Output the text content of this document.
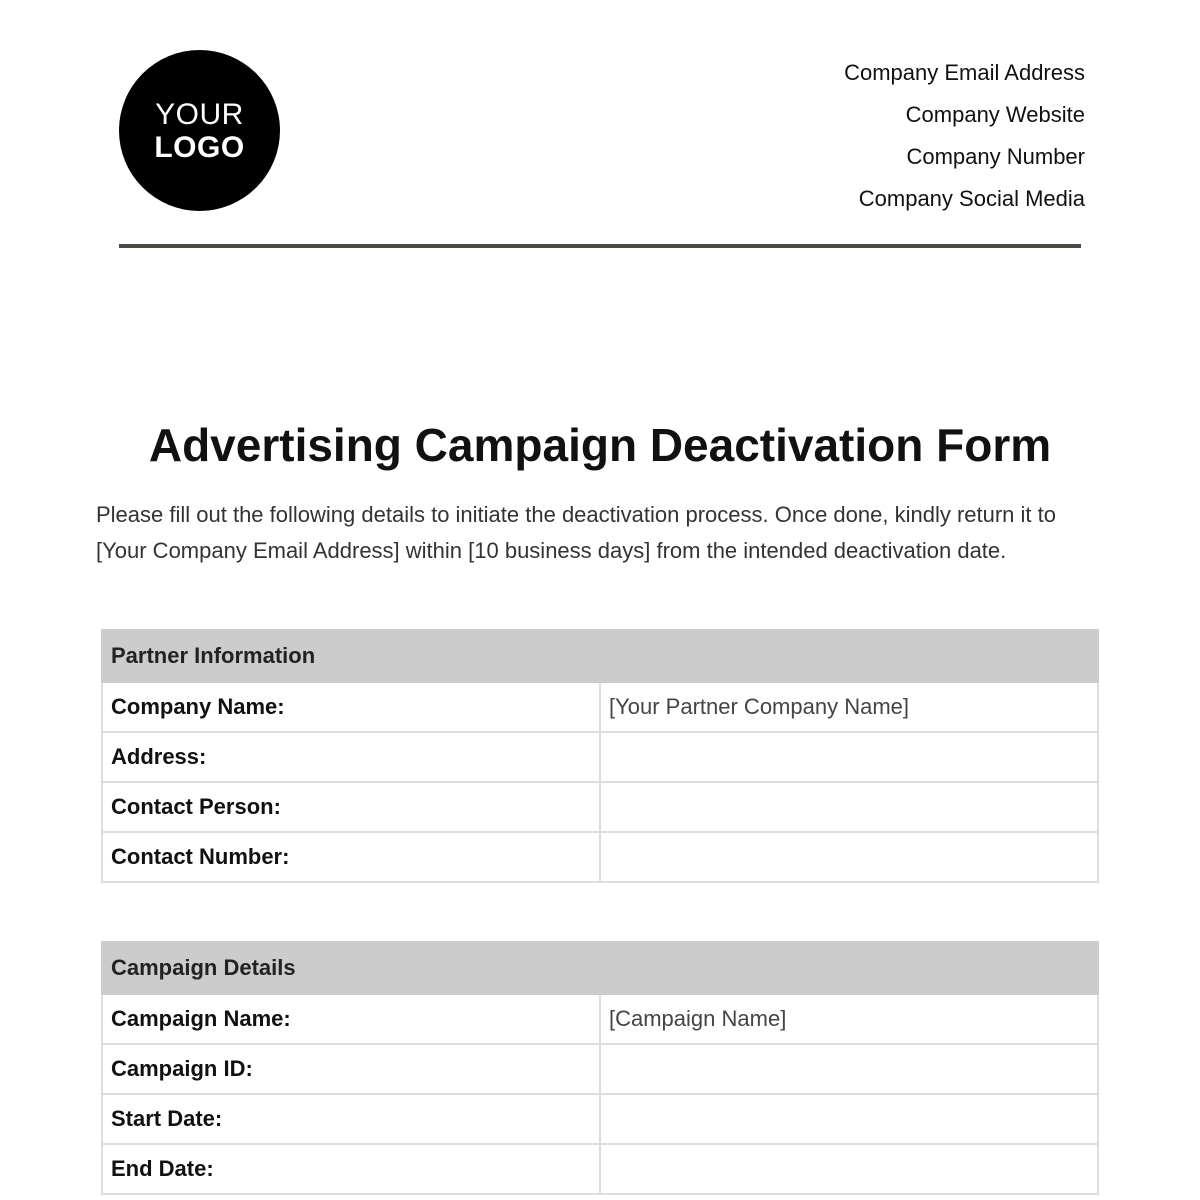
YOUR
LOGO
Company Email Address
Company Website
Company Number
Company Social Media
Advertising Campaign Deactivation Form

Please fill out the following details to initiate the deactivation process. Once done, kindly return it to [Your Company Email Address] within [10 business days] from the intended deactivation date.

Partner Information	
Company Name:	[Your Partner Company Name]
Address:	
Contact Person:	
Contact Number:	
Campaign Details	
Campaign Name:	[Campaign Name]
Campaign ID:	
Start Date:	
End Date:	
